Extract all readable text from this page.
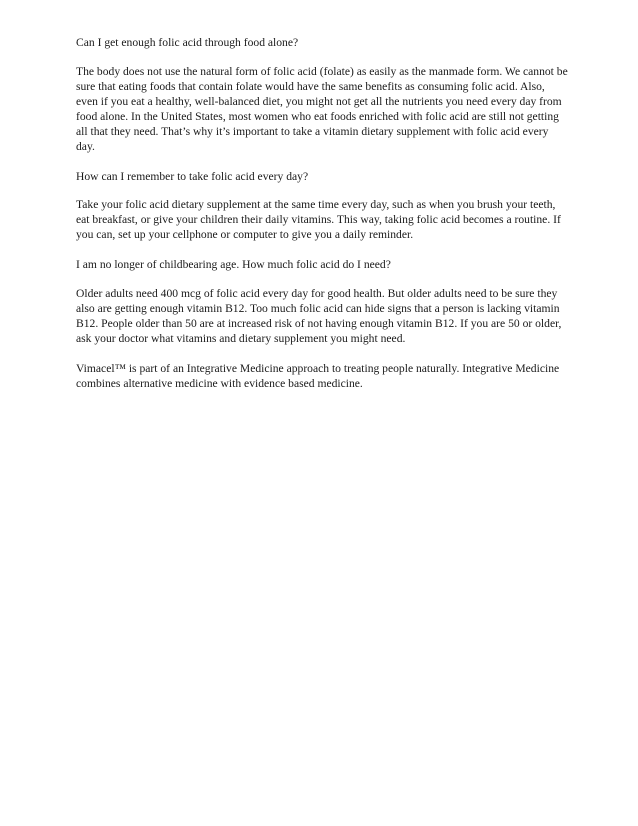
Can I get enough folic acid through food alone?

The body does not use the natural form of folic acid (folate) as easily as the manmade form. We cannot be sure that eating foods that contain folate would have the same benefits as consuming folic acid. Also, even if you eat a healthy, well-balanced diet, you might not get all the nutrients you need every day from food alone. In the United States, most women who eat foods enriched with folic acid are still not getting all that they need. That’s why it’s important to take a vitamin dietary supplement with folic acid every day.

How can I remember to take folic acid every day?

Take your folic acid dietary supplement at the same time every day, such as when you brush your teeth, eat breakfast, or give your children their daily vitamins. This way, taking folic acid becomes a routine. If you can, set up your cellphone or computer to give you a daily reminder.

I am no longer of childbearing age. How much folic acid do I need?

Older adults need 400 mcg of folic acid every day for good health. But older adults need to be sure they also are getting enough vitamin B12. Too much folic acid can hide signs that a person is lacking vitamin B12. People older than 50 are at increased risk of not having enough vitamin B12. If you are 50 or older, ask your doctor what vitamins and dietary supplement you might need.

Vimacel™ is part of an Integrative Medicine approach to treating people naturally. Integrative Medicine combines alternative medicine with evidence based medicine.
